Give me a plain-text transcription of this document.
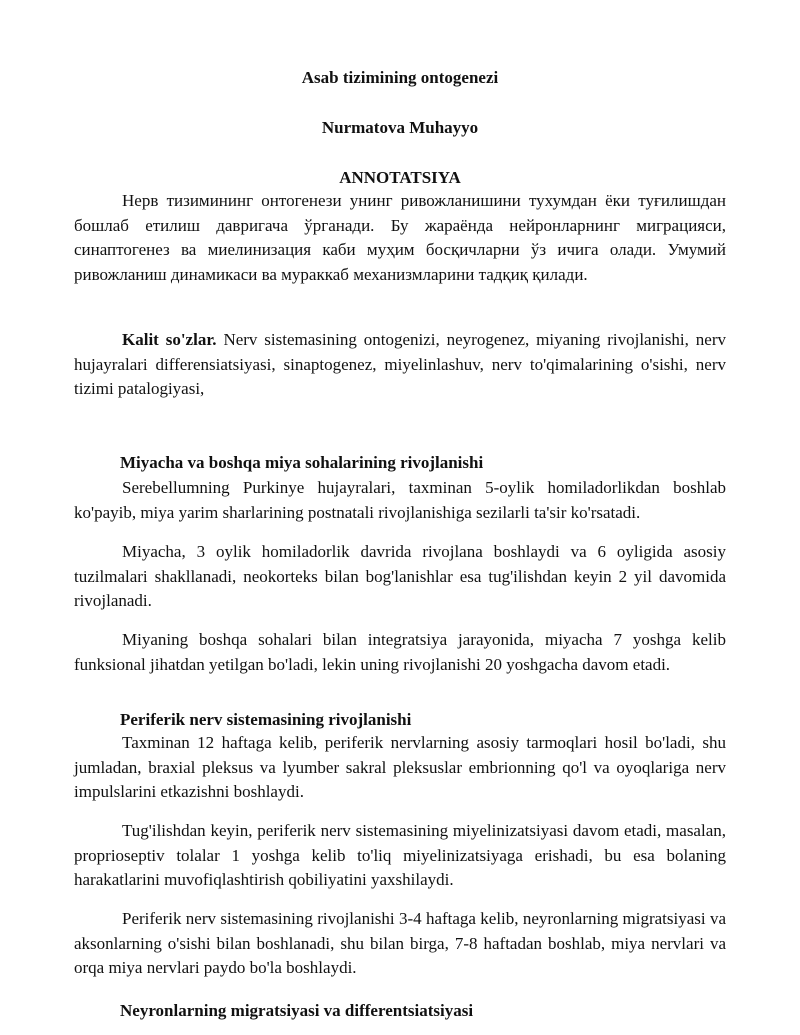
Asab tizimining ontogenezi
Nurmatova Muhayyo
ANNOTATSIYA

Нерв тизимининг онтогенези унинг ривожланишини тухумдан ёки туғилишдан бошлаб етилиш давригача ўрганади. Бу жараёнда нейронларнинг миграцияси, синаптогенез ва миелинизация каби муҳим босқичларни ўз ичига олади. Умумий ривожланиш динамикаси ва мураккаб механизмларини тадқиқ қилади.

Kalit so'zlar. Nerv sistemasining ontogenizi, neyrogenez, miyaning rivojlanishi, nerv hujayralari differensiatsiyasi, sinaptogenez, miyelinlashuv, nerv to'qimalarining o'sishi, nerv tizimi patalogiyasi,

Miyacha va boshqa miya sohalarining rivojlanishi

Serebellumning Purkinye hujayralari, taxminan 5-oylik homiladorlikdan boshlab ko'payib, miya yarim sharlarining postnatali rivojlanishiga sezilarli ta'sir ko'rsatadi.

Miyacha, 3 oylik homiladorlik davrida rivojlana boshlaydi va 6 oyligida asosiy tuzilmalari shakllanadi, neokorteks bilan bog'lanishlar esa tug'ilishdan keyin 2 yil davomida rivojlanadi.

Miyaning boshqa sohalari bilan integratsiya jarayonida, miyacha 7 yoshga kelib funksional jihatdan yetilgan bo'ladi, lekin uning rivojlanishi 20 yoshgacha davom etadi.

Periferik nerv sistemasining rivojlanishi

Taxminan 12 haftaga kelib, periferik nervlarning asosiy tarmoqlari hosil bo'ladi, shu jumladan, braxial pleksus va lyumber sakral pleksuslar embrionning qo'l va oyoqlariga nerv impulslarini etkazishni boshlaydi.

Tug'ilishdan keyin, periferik nerv sistemasining miyelinizatsiyasi davom etadi, masalan, proprioseptiv tolalar 1 yoshga kelib to'liq miyelinizatsiyaga erishadi, bu esa bolaning harakatlarini muvofiqlashtirish qobiliyatini yaxshilaydi.

Periferik nerv sistemasining rivojlanishi 3-4 haftaga kelib, neyronlarning migratsiyasi va aksonlarning o'sishi bilan boshlanadi, shu bilan birga, 7-8 haftadan boshlab, miya nervlari va orqa miya nervlari paydo bo'la boshlaydi.

Neyronlarning migratsiyasi va differentsiatsiyasi
